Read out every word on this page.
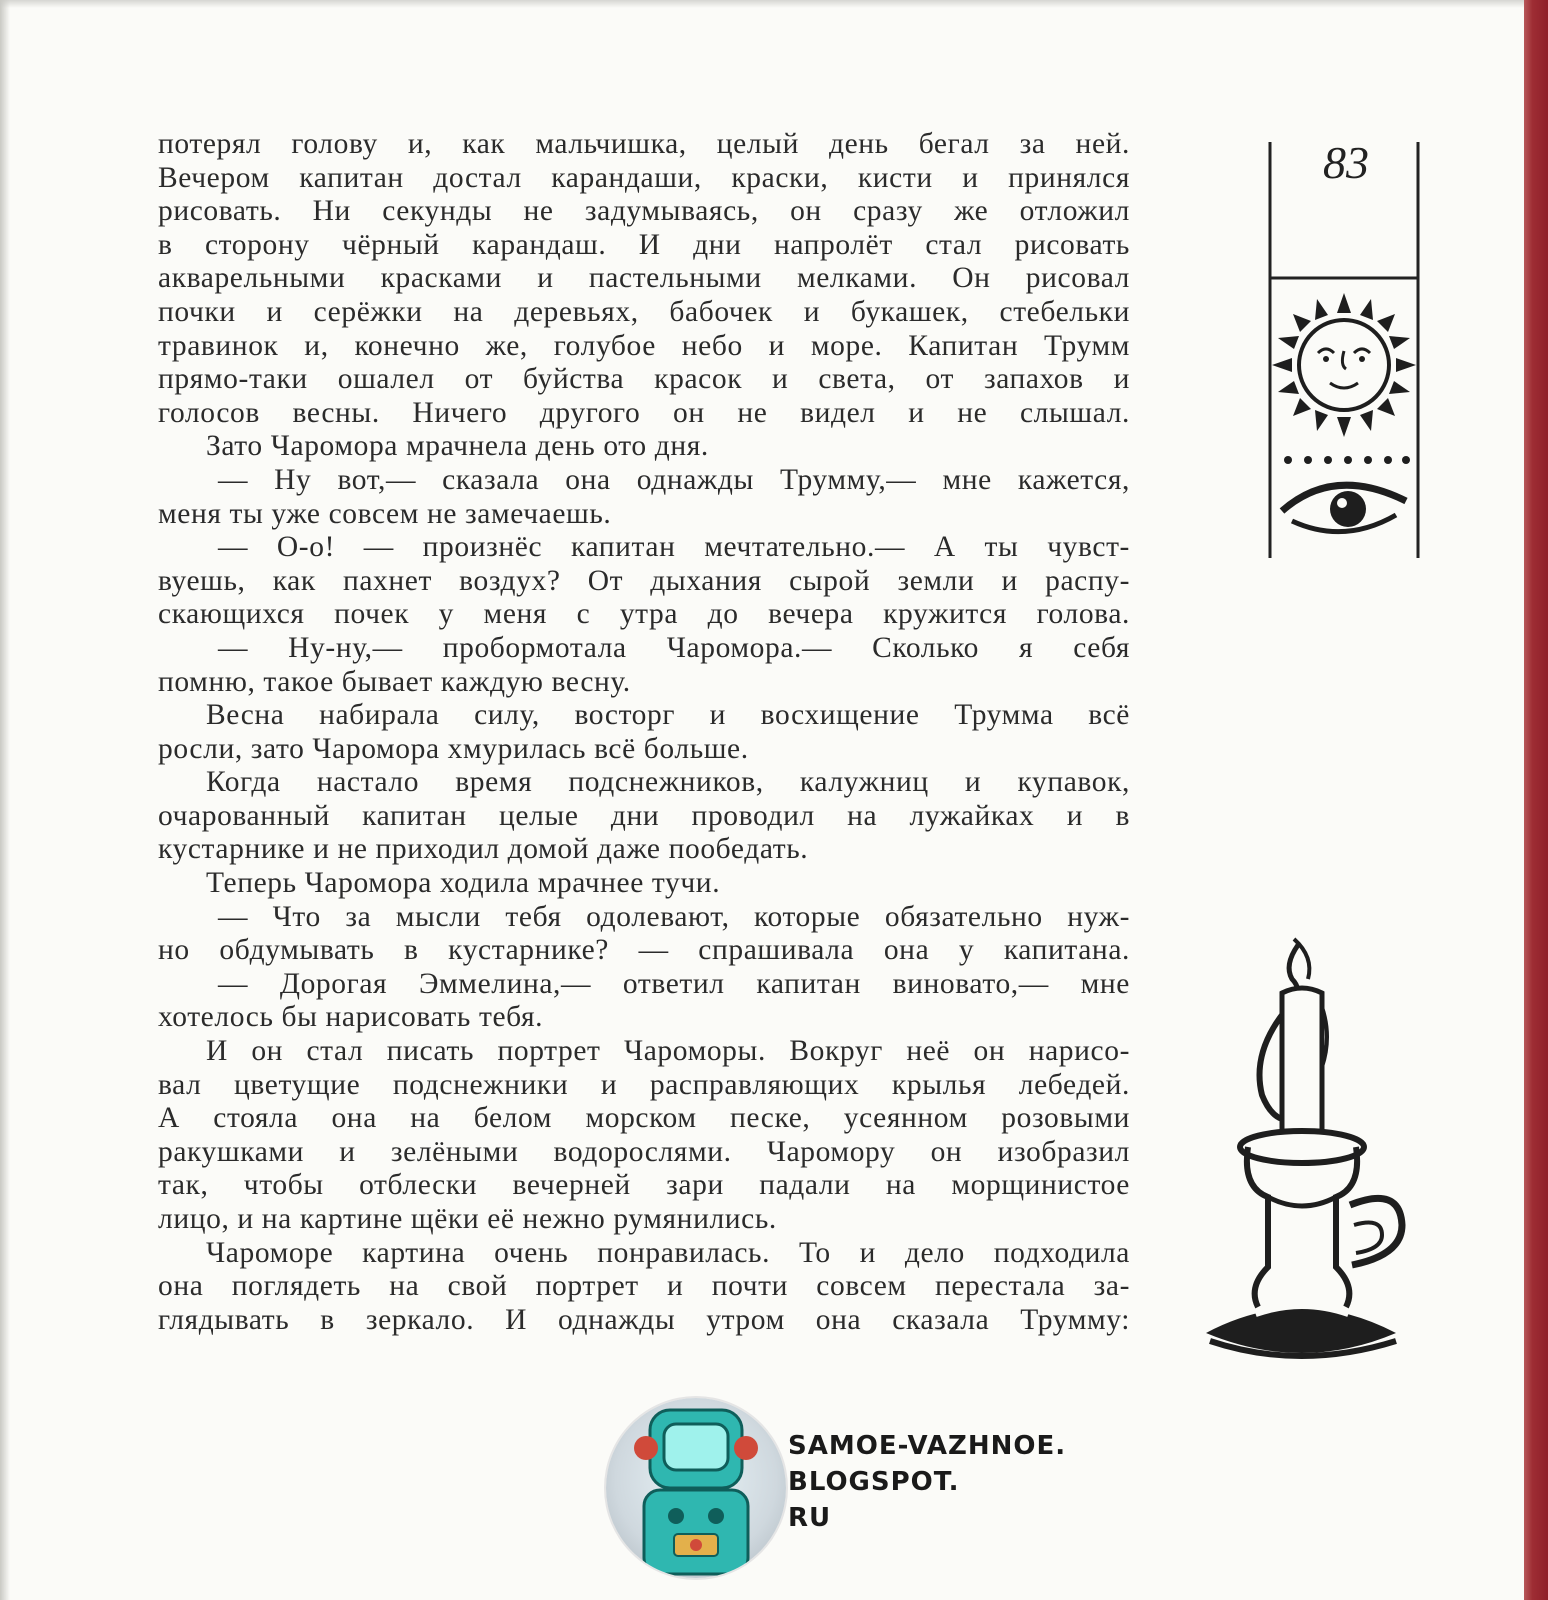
потерял голову и, как мальчишка, целый день бегал за ней.
Вечером капитан достал карандаши, краски, кисти и принялся
рисовать. Ни секунды не задумываясь, он сразу же отложил
в сторону чёрный карандаш. И дни напролёт стал рисовать
акварельными красками и пастельными мелками. Он рисовал
почки и серёжки на деревьях, бабочек и букашек, стебельки
травинок и, конечно же, голубое небо и море. Капитан Трумм
прямо-таки ошалел от буйства красок и света, от запахов и
голосов весны. Ничего другого он не видел и не слышал.
Зато Чаромора мрачнела день ото дня.
— Ну вот,— сказала она однажды Трумму,— мне кажется,
меня ты уже совсем не замечаешь.
— О-о! — произнёс капитан мечтательно.— А ты чувст-
вуешь, как пахнет воздух? От дыхания сырой земли и распу-
скающихся почек у меня с утра до вечера кружится голова.
— Ну-ну,— пробормотала Чаромора.— Сколько я себя
помню, такое бывает каждую весну.
Весна набирала силу, восторг и восхищение Трумма всё
росли, зато Чаромора хмурилась всё больше.
Когда настало время подснежников, калужниц и купавок,
очарованный капитан целые дни проводил на лужайках и в
кустарнике и не приходил домой даже пообедать.
Теперь Чаромора ходила мрачнее тучи.
— Что за мысли тебя одолевают, которые обязательно нуж-
но обдумывать в кустарнике? — спрашивала она у капитана.
— Дорогая Эммелина,— ответил капитан виновато,— мне
хотелось бы нарисовать тебя.
И он стал писать портрет Чароморы. Вокруг неё он нарисо-
вал цветущие подснежники и расправляющих крылья лебедей.
А стояла она на белом морском песке, усеянном розовыми
ракушками и зелёными водорослями. Чаромору он изобразил
так, чтобы отблески вечерней зари падали на морщинистое
лицо, и на картине щёки её нежно румянились.
Чароморе картина очень понравилась. То и дело подходила
она поглядеть на свой портрет и почти совсем перестала за-
глядывать в зеркало. И однажды утром она сказала Трумму:
83
SAMOE-VAZHNOE.
BLOGSPOT.
RU
